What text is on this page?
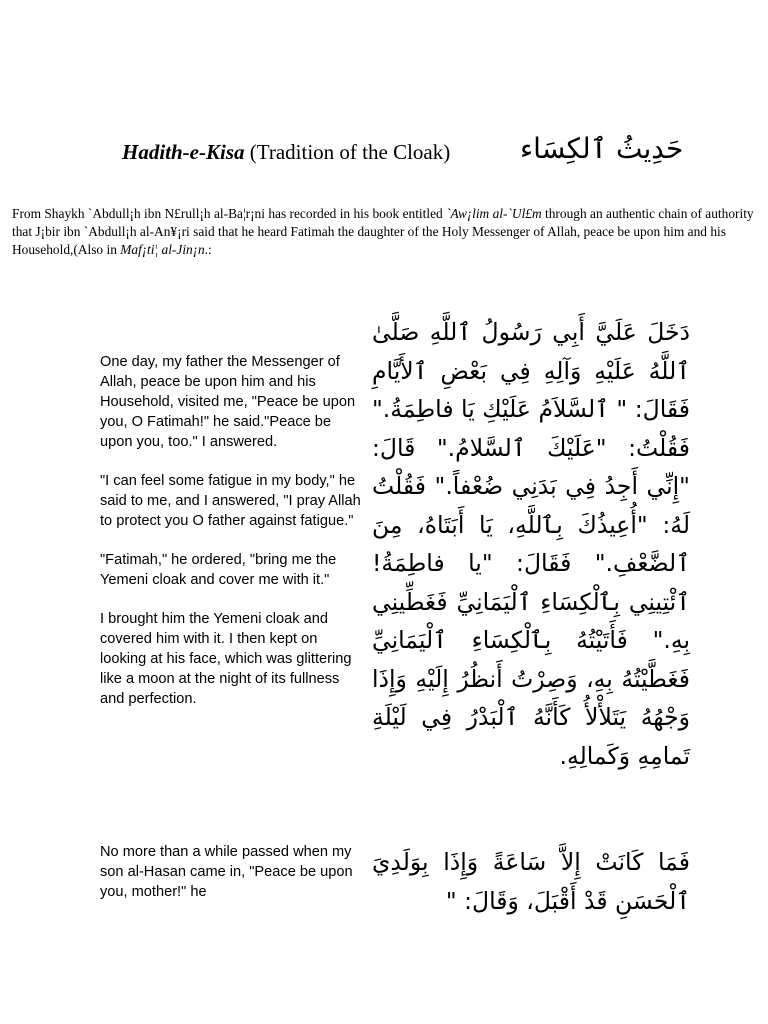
Hadith-e-Kisa (Tradition of the Cloak) حَدِيثُ ٱلكِسَاء
From Shaykh `Abdull¡h ibn N£rull¡h al-Ba¦r¡ni has recorded in his book entitled `Aw¡lim al-`Ul£m through an authentic chain of authority that J¡bir ibn `Abdull¡h al-An¥¡ri said that he heard Fatimah the daughter of the Holy Messenger of Allah, peace be upon him and his Household,(Also in Maf¡ti¦ al-Jin¡n.:

One day, my father the Messenger of Allah, peace be upon him and his Household, visited me, "Peace be upon you, O Fatimah!" he said."Peace be upon you, too." I answered.

"I can feel some fatigue in my body," he said to me, and I answered, "I pray Allah to protect you O father against fatigue."

"Fatimah," he ordered, "bring me the Yemeni cloak and cover me with it."

I brought him the Yemeni cloak and covered him with it. I then kept on looking at his face, which was glittering like a moon at the night of its fullness and perfection.

دَخَلَ عَلَيَّ أَبِي رَسُولُ ٱللَّهِ صَلَّىٰ ٱللَّهُ عَلَيْهِ وَآلِهِ فِي بَعْضِ ٱلأَيَّامِ فَقَالَ: " ٱلسَّلاَمُ عَلَيْكِ يَا فاطِمَةُ." فَقُلْتُ: "عَلَيْكَ ٱلسَّلامُ." قَالَ: "إِنِّي أَجِدُ فِي بَدَنِي ضُعْفاً." فَقُلْتُ لَهُ: "أُعِيذُكَ بِٱللَّهِ، يَا أَبَتَاهُ، مِنَ ٱلضَّعْفِ." فَقَالَ: "يا فاطِمَةُ! ٱئْتِينِي بِٱلْكِسَاءِ ٱلْيَمَانِيِّ فَغَطِّينِي بِهِ." فَأَتَيْتُهُ بِٱلْكِسَاءِ ٱلْيَمَانِيِّ فَغَطَّيْتُهُ بِهِ، وَصِرْتُ أَنظُرُ إِلَيْهِ وَإِذَا وَجْهُهُ يَتَلأْلأُ كَأَنَّهُ ٱلْبَدْرُ فِي لَيْلَةِ تَمامِهِ وَكَمالِهِ.

No more than a while passed when my son al-Hasan came in, "Peace be upon you, mother!" he

فَمَا كَانَتْ إِلاَّ سَاعَةً وَإِذَا بِوَلَدِيَ ٱلْحَسَنِ قَدْ أَقْبَلَ، وَقَالَ: "
